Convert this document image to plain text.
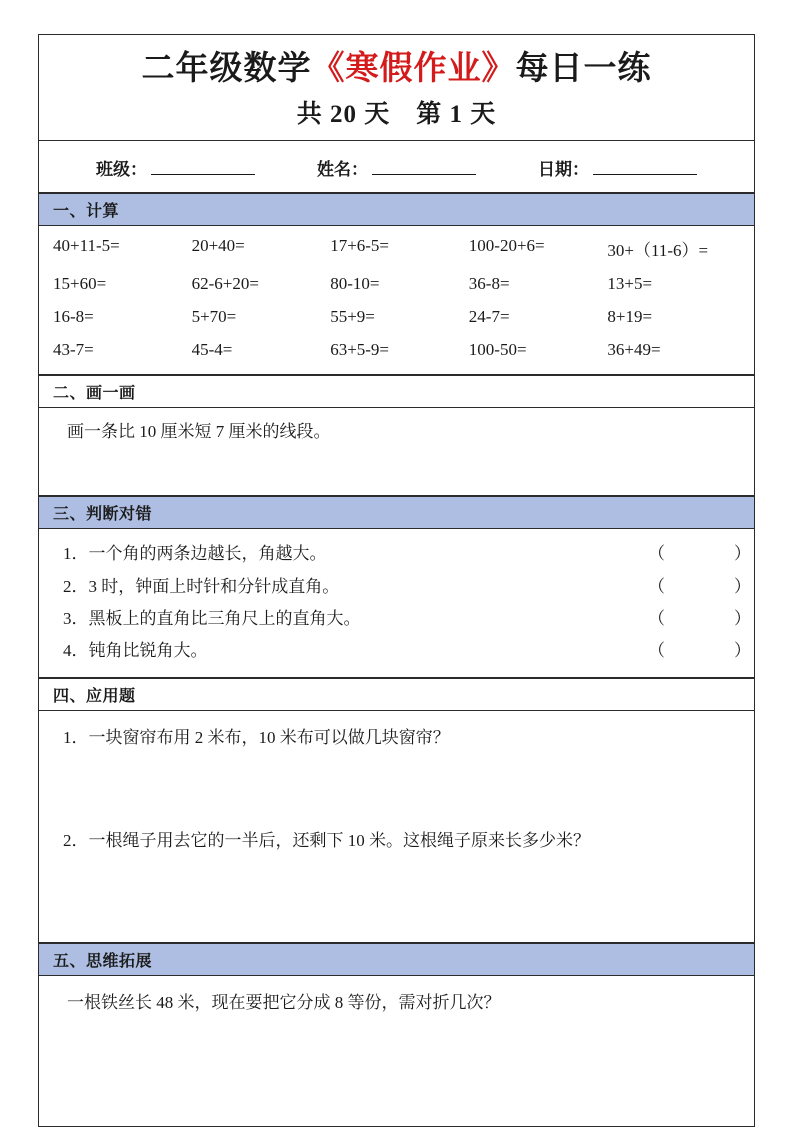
二年级数学《寒假作业》每日一练
共 20 天　第 1 天
班级：	姓名：	日期：
一、计算
40+11-5=	20+40=	17+6-5=	100-20+6=	30+（11-6）=
15+60=	62-6+20=	80-10=	36-8=	13+5=
16-8=	5+70=	55+9=	24-7=	8+19=
43-7=	45-4=	63+5-9=	100-50=	36+49=
二、画一画
画一条比 10 厘米短 7 厘米的线段。
三、判断对错
1．一个角的两条边越长，角越大。	（　）
2．3 时，钟面上时针和分针成直角。	（　）
3．黑板上的直角比三角尺上的直角大。	（　）
4．钝角比锐角大。	（　）
四、应用题
1．一块窗帘布用 2 米布，10 米布可以做几块窗帘？
2．一根绳子用去它的一半后，还剩下 10 米。这根绳子原来长多少米？
五、思维拓展
一根铁丝长 48 米，现在要把它分成 8 等份，需对折几次？
